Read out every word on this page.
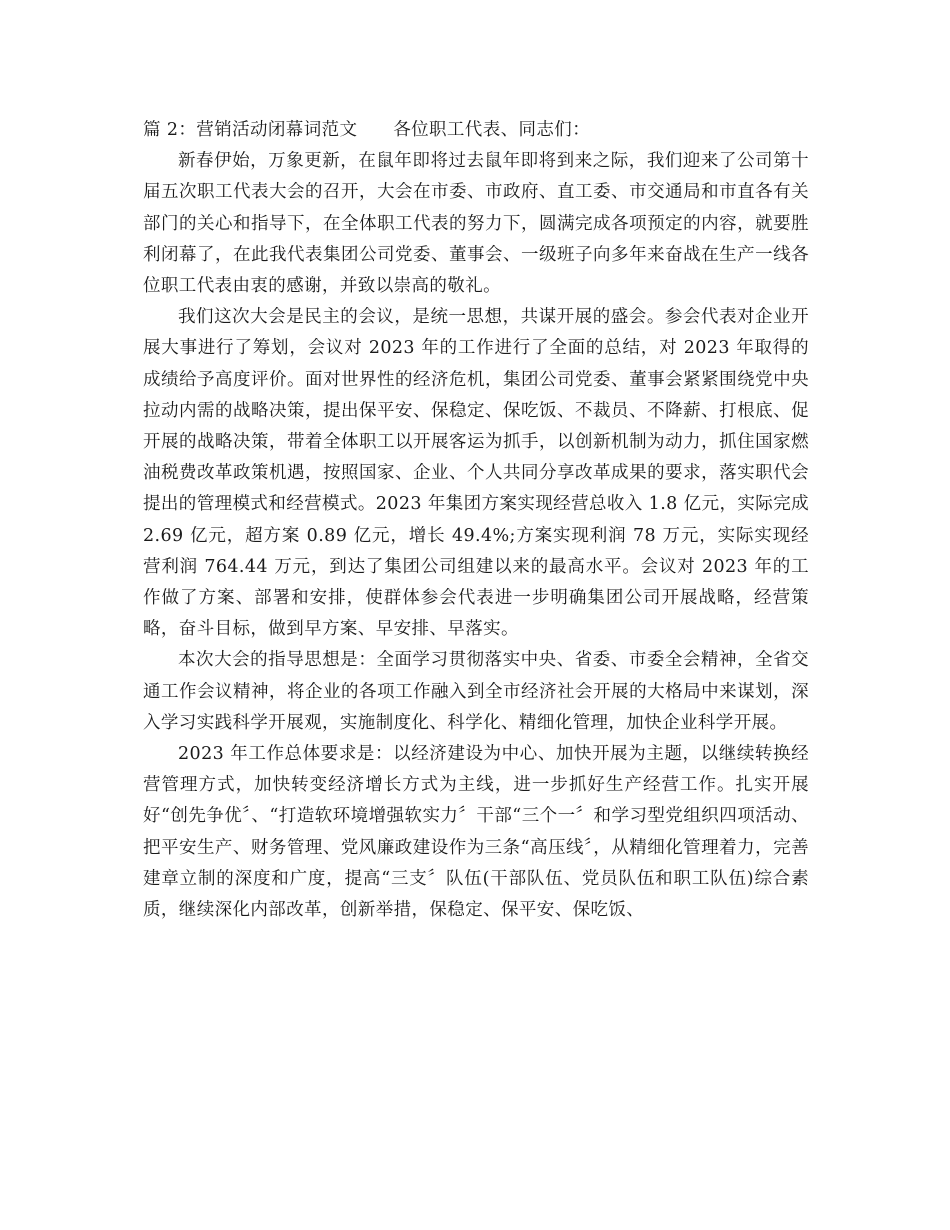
篇 2：营销活动闭幕词范文　　各位职工代表、同志们：

新春伊始，万象更新，在鼠年即将过去鼠年即将到来之际，我们迎来了公司第十届五次职工代表大会的召开，大会在市委、市政府、直工委、市交通局和市直各有关部门的关心和指导下，在全体职工代表的努力下，圆满完成各项预定的内容，就要胜利闭幕了，在此我代表集团公司党委、董事会、一级班子向多年来奋战在生产一线各位职工代表由衷的感谢，并致以崇高的敬礼。

我们这次大会是民主的会议，是统一思想，共谋开展的盛会。参会代表对企业开展大事进行了筹划，会议对 2023 年的工作进行了全面的总结，对 2023 年取得的成绩给予高度评价。面对世界性的经济危机，集团公司党委、董事会紧紧围绕党中央拉动内需的战略决策，提出保平安、保稳定、保吃饭、不裁员、不降薪、打根底、促开展的战略决策，带着全体职工以开展客运为抓手，以创新机制为动力，抓住国家燃油税费改革政策机遇，按照国家、企业、个人共同分享改革成果的要求，落实职代会提出的管理模式和经营模式。2023 年集团方案实现经营总收入 1.8 亿元，实际完成 2.69 亿元，超方案 0.89 亿元，增长 49.4%;方案实现利润 78 万元，实际实现经营利润 764.44 万元，到达了集团公司组建以来的最高水平。会议对 2023 年的工作做了方案、部署和安排，使群体参会代表进一步明确集团公司开展战略，经营策略，奋斗目标，做到早方案、早安排、早落实。

本次大会的指导思想是：全面学习贯彻落实中央、省委、市委全会精神，全省交通工作会议精神，将企业的各项工作融入到全市经济社会开展的大格局中来谋划，深入学习实践科学开展观，实施制度化、科学化、精细化管理，加快企业科学开展。

2023 年工作总体要求是：以经济建设为中心、加快开展为主题，以继续转换经营管理方式，加快转变经济增长方式为主线，进一步抓好生产经营工作。扎实开展好“创先争优〞、“打造软环境增强软实力〞干部“三个一〞和学习型党组织四项活动、把平安生产、财务管理、党风廉政建设作为三条“高压线〞，从精细化管理着力，完善建章立制的深度和广度，提高“三支〞队伍(干部队伍、党员队伍和职工队伍)综合素质，继续深化内部改革，创新举措，保稳定、保平安、保吃饭、
